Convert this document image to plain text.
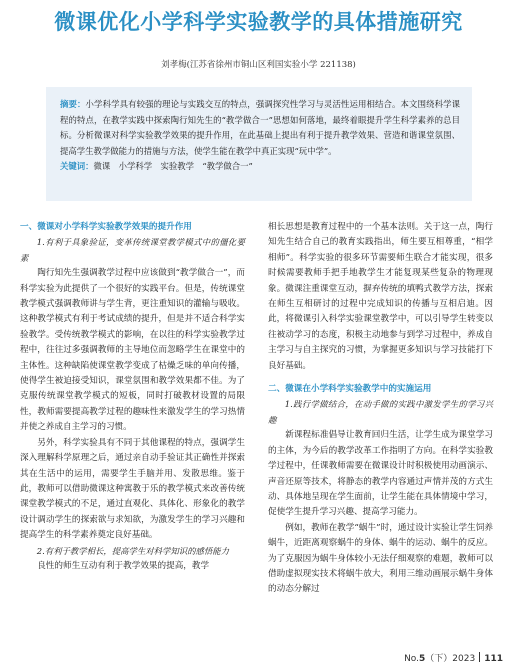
微课优化小学科学实验教学的具体措施研究
刘孝梅(江苏省徐州市铜山区利国实验小学 221138)

摘要：小学科学具有较强的理论与实践交互的特点，强调探究性学习与灵活性运用相结合。本文围绕科学课程的特点，在教学实践中探索陶行知先生的“教学做合一”思想如何落地，最终着眼提升学生科学素养的总目标。分析微课对科学实验教学效果的提升作用，在此基础上提出有利于提升教学效果、营造和谐课堂氛围、提高学生教学做能力的措施与方法，使学生能在教学中真正实现“玩中学”。

关键词：微课　小学科学　实验教学　“教学做合一”

一、微课对小学科学实验教学效果的提升作用

1.有利于具象验证，变革传统课堂教学模式中的僵化要素

陶行知先生强调教学过程中应该做到“教学做合一”，而科学实验为此提供了一个很好的实践平台。但是，传统课堂教学模式强调教师讲与学生背，更注重知识的灌输与吸收。这种教学模式有利于考试成绩的提升，但是并不适合科学实验教学。受传统教学模式的影响，在以往的科学实验教学过程中，往往过多强调教师的主导地位而忽略学生在课堂中的主体性。这种缺陷使课堂教学变成了枯燥乏味的单向传播，使得学生被迫接受知识，课堂氛围和教学效果都不佳。为了克服传统课堂教学模式的短板，同时打破教材设置的局限性，教师需要提高教学过程的趣味性来激发学生的学习热情并使之养成自主学习的习惯。

另外，科学实验具有不同于其他课程的特点，强调学生深入理解科学原理之后，通过亲自动手验证其正确性并探索其在生活中的运用，需要学生手脑并用、发散思维。鉴于此，教师可以借助微课这种寓教于乐的教学模式来改善传统课堂教学模式的不足，通过直观化、具体化、形象化的教学设计调动学生的探索欲与求知欲，为激发学生的学习兴趣和提高学生的科学素养奠定良好基础。

2.有利于教学相长，提高学生对科学知识的感悟能力

良性的师生互动有利于教学效果的提高，教学

相长思想是教育过程中的一个基本法则。关于这一点，陶行知先生结合自己的教育实践指出，师生要互相尊重，“相学相师”。科学实验的很多环节需要师生联合才能实现，很多时候需要教师手把手地教学生才能复现某些复杂的物理现象。微课注重课堂互动，摒弃传统的填鸭式教学方法，探索在师生互相研讨的过程中完成知识的传播与互相启迪。因此，将微课引入科学实验课堂教学中，可以引导学生转变以往被动学习的态度，积极主动地参与到学习过程中，养成自主学习与自主探究的习惯，为掌握更多知识与学习技能打下良好基础。

二、微课在小学科学实验教学中的实施运用

1.践行学做结合，在动手做的实践中激发学生的学习兴趣

新课程标准倡导让教育回归生活，让学生成为课堂学习的主体，为今后的教学改革工作指明了方向。在科学实验教学过程中，任课教师需要在微课设计时积极使用动画演示、声音还原等技术，将静态的教学内容通过声情并茂的方式生动、具体地呈现在学生面前，让学生能在具体情境中学习，促使学生提升学习兴趣、提高学习能力。

例如，教师在教学“蜗牛”时，通过设计实验让学生饲养蜗牛，近距离观察蜗牛的身体、蜗牛的运动、蜗牛的反应。为了克服因为蜗牛身体较小无法仔细观察的难题，教师可以借助虚拟现实技术将蜗牛放大，利用三维动画展示蜗牛身体的动态分解过

No.5（下）2023 111
